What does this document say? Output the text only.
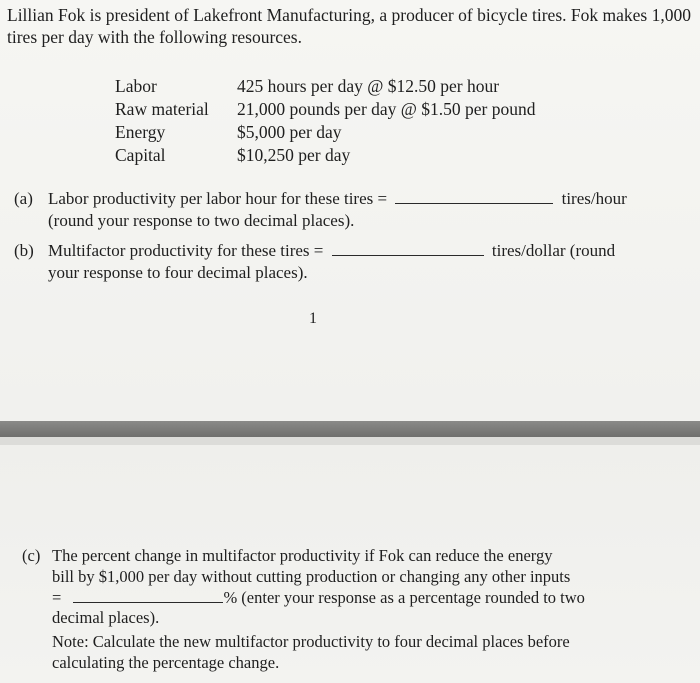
Lillian Fok is president of Lakefront Manufacturing, a producer of bicycle tires. Fok makes 1,000 tires per day with the following resources.
Labor	425 hours per day @ $12.50 per hour
Raw material	21,000 pounds per day @ $1.50 per pound
Energy	$5,000 per day
Capital	$10,250 per day
(a) Labor productivity per labor hour for these tires =	tires/hour
(round your response to two decimal places).
(b) Multifactor productivity for these tires =	tires/dollar (round
your response to four decimal places).
1
(c) The percent change in multifactor productivity if Fok can reduce the energy
bill by $1,000 per day without cutting production or changing any other inputs
=	% (enter your response as a percentage rounded to two
decimal places).
Note: Calculate the new multifactor productivity to four decimal places before
calculating the percentage change.
